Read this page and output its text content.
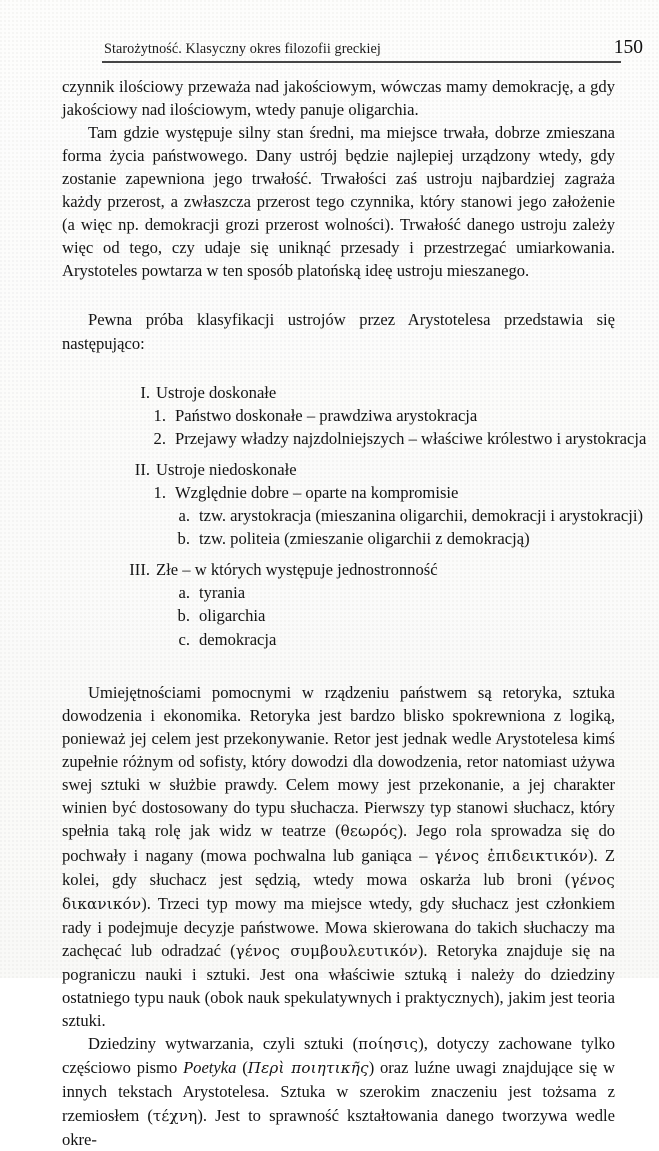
Starożytność. Klasyczny okres filozofii greckiej	150

czynnik ilościowy przeważa nad jakościowym, wówczas mamy demokrację, a gdy jakościowy nad ilościowym, wtedy panuje oligarchia.

Tam gdzie występuje silny stan średni, ma miejsce trwała, dobrze zmieszana forma życia państwowego. Dany ustrój będzie najlepiej urządzony wtedy, gdy zostanie zapewniona jego trwałość. Trwałości zaś ustroju najbardziej zagraża każdy przerost, a zwłaszcza przerost tego czynnika, który stanowi jego założenie (a więc np. demokracji grozi przerost wolności). Trwałość danego ustroju zależy więc od tego, czy udaje się uniknąć przesady i przestrzegać umiarkowania. Arystoteles powtarza w ten sposób platońską ideę ustroju mieszanego.

Pewna próba klasyfikacji ustrojów przez Arystotelesa przedstawia się następująco:

I. Ustroje doskonałe
1. Państwo doskonałe – prawdziwa arystokracja
2. Przejawy władzy najzdolniejszych – właściwe królestwo i arystokracja
II. Ustroje niedoskonałe
1. Względnie dobre – oparte na kompromisie
a. tzw. arystokracja (mieszanina oligarchii, demokracji i arystokracji)
b. tzw. politeia (zmieszanie oligarchii z demokracją)
III. Złe – w których występuje jednostronność
a. tyrania
b. oligarchia
c. demokracja

Umiejętnościami pomocnymi w rządzeniu państwem są retoryka, sztuka dowodzenia i ekonomika. Retoryka jest bardzo blisko spokrewniona z logiką, ponieważ jej celem jest przekonywanie. Retor jest jednak wedle Arystotelesa kimś zupełnie różnym od sofisty, który dowodzi dla dowodzenia, retor natomiast używa swej sztuki w służbie prawdy. Celem mowy jest przekonanie, a jej charakter winien być dostosowany do typu słuchacza. Pierwszy typ stanowi słuchacz, który spełnia taką rolę jak widz w teatrze (θεωρός). Jego rola sprowadza się do pochwały i nagany (mowa pochwalna lub ganiąca – γένος ἐπιδεικτικόν). Z kolei, gdy słuchacz jest sędzią, wtedy mowa oskarża lub broni (γένος δικανικόν). Trzeci typ mowy ma miejsce wtedy, gdy słuchacz jest członkiem rady i podejmuje decyzje państwowe. Mowa skierowana do takich słuchaczy ma zachęcać lub odradzać (γένος συμβουλευτικόν). Retoryka znajduje się na pograniczu nauki i sztuki. Jest ona właściwie sztuką i należy do dziedziny ostatniego typu nauk (obok nauk spekulatywnych i praktycznych), jakim jest teoria sztuki.

Dziedziny wytwarzania, czyli sztuki (ποίησις), dotyczy zachowane tylko częściowo pismo Poetyka (Περὶ ποιητικῆς) oraz luźne uwagi znajdujące się w innych tekstach Arystotelesa. Sztuka w szerokim znaczeniu jest tożsama z rzemiosłem (τέχνη). Jest to sprawność kształtowania danego tworzywa wedle okre-
